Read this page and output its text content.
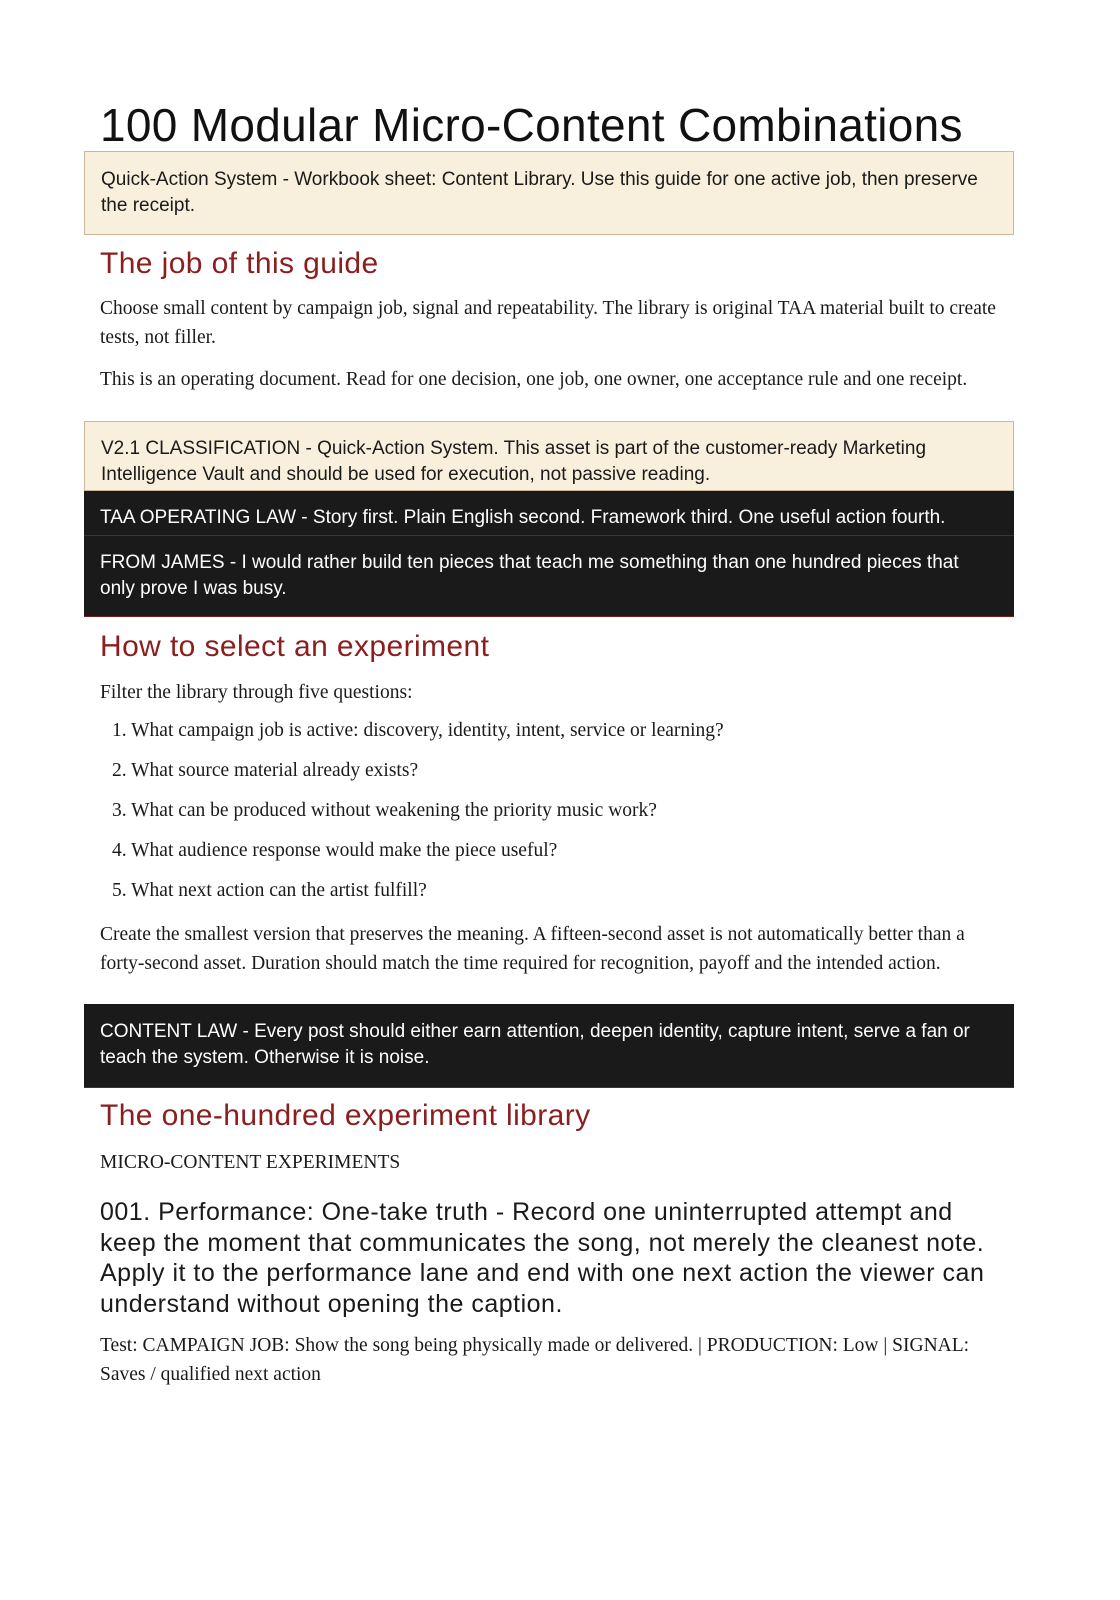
100 Modular Micro-Content Combinations
Quick-Action System - Workbook sheet: Content Library. Use this guide for one active job, then preserve the receipt.
The job of this guide
Choose small content by campaign job, signal and repeatability. The library is original TAA material built to create tests, not filler.
This is an operating document. Read for one decision, one job, one owner, one acceptance rule and one receipt.
V2.1 CLASSIFICATION - Quick-Action System. This asset is part of the customer-ready Marketing Intelligence Vault and should be used for execution, not passive reading.
TAA OPERATING LAW - Story first. Plain English second. Framework third. One useful action fourth.
FROM JAMES - I would rather build ten pieces that teach me something than one hundred pieces that only prove I was busy.
How to select an experiment
Filter the library through five questions:
1. What campaign job is active: discovery, identity, intent, service or learning?
2. What source material already exists?
3. What can be produced without weakening the priority music work?
4. What audience response would make the piece useful?
5. What next action can the artist fulfill?
Create the smallest version that preserves the meaning. A fifteen-second asset is not automatically better than a forty-second asset. Duration should match the time required for recognition, payoff and the intended action.
CONTENT LAW - Every post should either earn attention, deepen identity, capture intent, serve a fan or teach the system. Otherwise it is noise.
The one-hundred experiment library
MICRO-CONTENT EXPERIMENTS
001. Performance: One-take truth - Record one uninterrupted attempt and keep the moment that communicates the song, not merely the cleanest note. Apply it to the performance lane and end with one next action the viewer can understand without opening the caption.
Test: CAMPAIGN JOB: Show the song being physically made or delivered. | PRODUCTION: Low | SIGNAL: Saves / qualified next action
